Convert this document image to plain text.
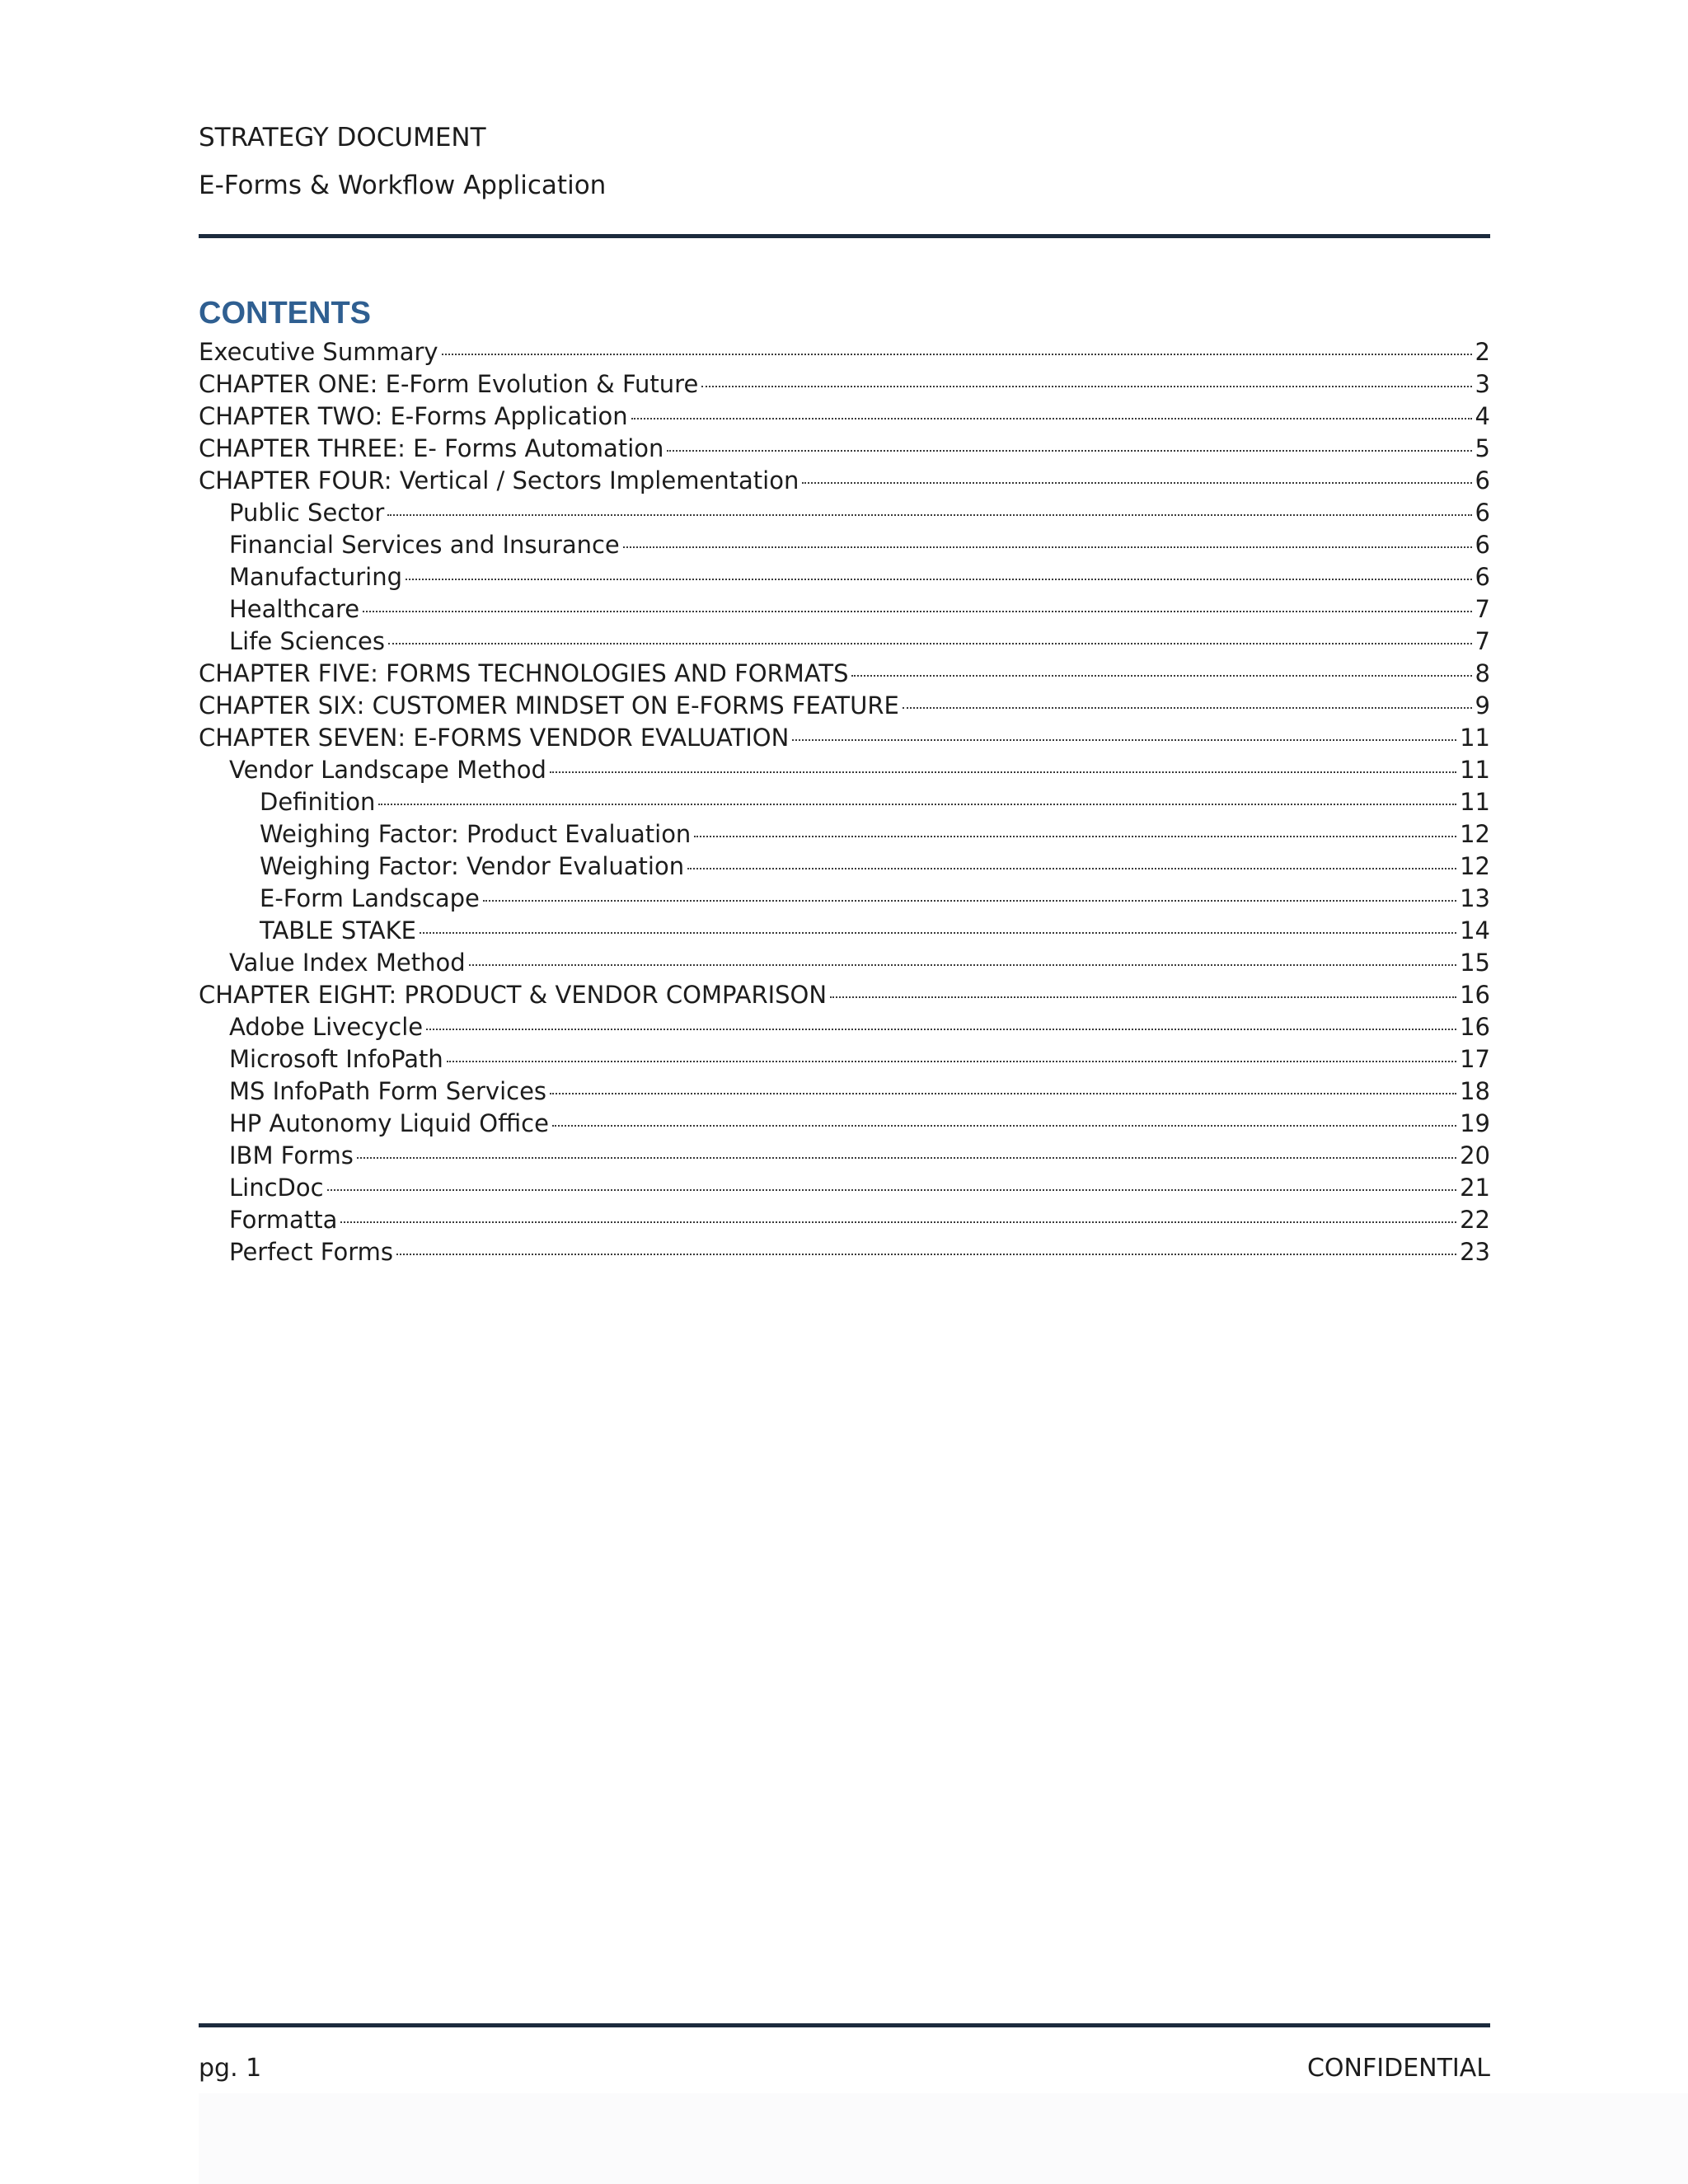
STRATEGY DOCUMENT
E-Forms & Workflow Application
CONTENTS
Executive Summary	2
CHAPTER ONE: E-Form Evolution & Future	3
CHAPTER TWO: E-Forms Application	4
CHAPTER THREE: E- Forms Automation	5
CHAPTER FOUR: Vertical / Sectors Implementation	6
Public Sector	6
Financial Services and Insurance	6
Manufacturing	6
Healthcare	7
Life Sciences	7
CHAPTER FIVE: FORMS TECHNOLOGIES AND FORMATS	8
CHAPTER SIX: CUSTOMER MINDSET ON E-FORMS FEATURE	9
CHAPTER SEVEN: E-FORMS VENDOR EVALUATION	11
Vendor Landscape Method	11
Definition	11
Weighing Factor: Product Evaluation	12
Weighing Factor: Vendor Evaluation	12
E-Form Landscape	13
TABLE STAKE	14
Value Index Method	15
CHAPTER EIGHT: PRODUCT & VENDOR COMPARISON	16
Adobe Livecycle	16
Microsoft InfoPath	17
MS InfoPath Form Services	18
HP Autonomy Liquid Office	19
IBM Forms	20
LincDoc	21
Formatta	22
Perfect Forms	23
pg. 1	CONFIDENTIAL
